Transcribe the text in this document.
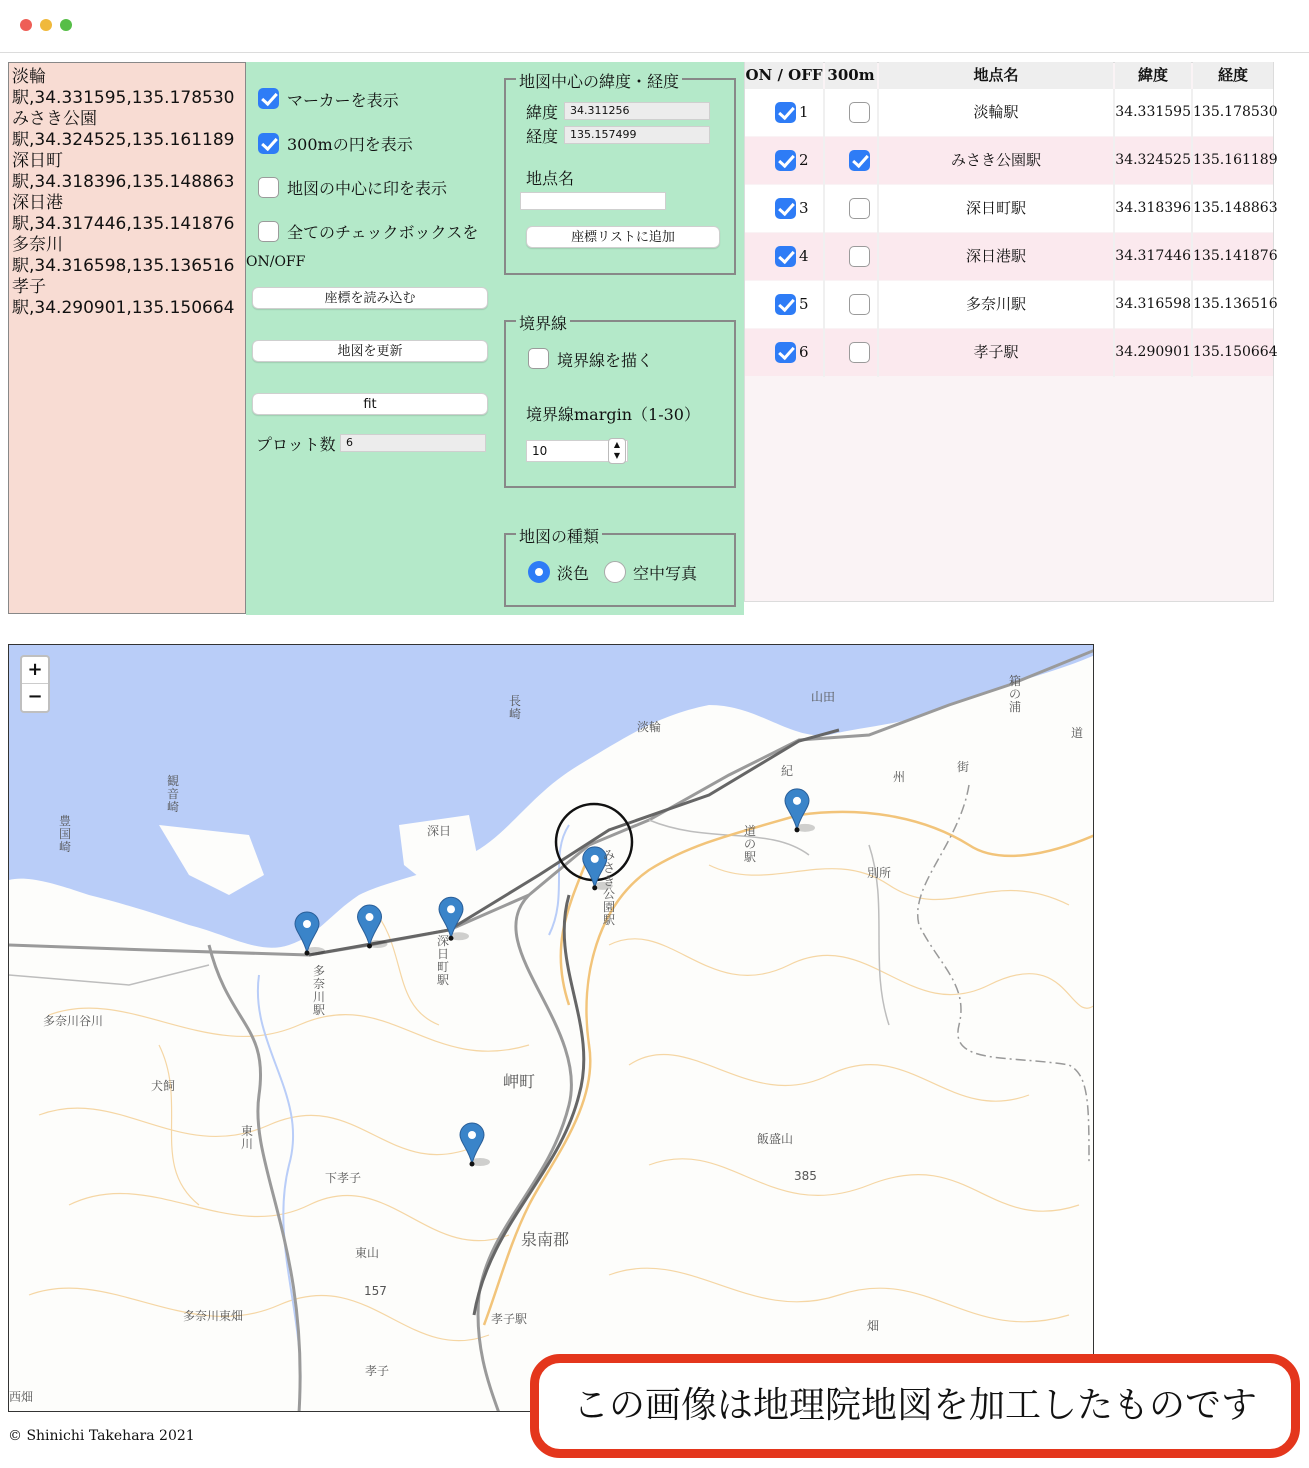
淡輪
駅,34.331595,135.178530
みさき公園
駅,34.324525,135.161189
深日町
駅,34.318396,135.148863
深日港
駅,34.317446,135.141876
多奈川
駅,34.316598,135.136516
孝子
駅,34.290901,135.150664
マーカーを表示
300mの円を表示
地図の中心に印を表示
全てのチェックボックスを
ON/OFF
座標を読み込む
地図を更新
fit
プロット数 6
地図中心の緯度・経度
緯度	34.311256
経度	135.157499
地点名
座標リストに追加
境界線
境界線を描く
境界線margin（1-30）
10	▲
▼
地図の種類
淡色	空中写真
ON / OFF 300m	地点名	緯度	経度
1	淡輪駅	34.331595 135.178530
2	みさき公園駅	34.324525 135.161189
3	深日町駅	34.318396 135.148863
4	深日港駅	34.317446 135.141876
5	多奈川駅	34.316598 135.136516
6	孝子駅	34.290901 135.150664
淡輪
山田
箱の浦
道
州
街
紀
道の駅
別所
深日
みさき公園駅
深日町駅
多奈川駅
多奈川谷川
岬町
犬飼
畑
飯盛山
385
東川
下孝子
泉南郡
東山
157
多奈川東畑	孝子駅
孝子
西畑
長崎
観音崎
豊国崎
+
−
© Shinichi Takehara 2021
この画像は地理院地図を加工したものです
